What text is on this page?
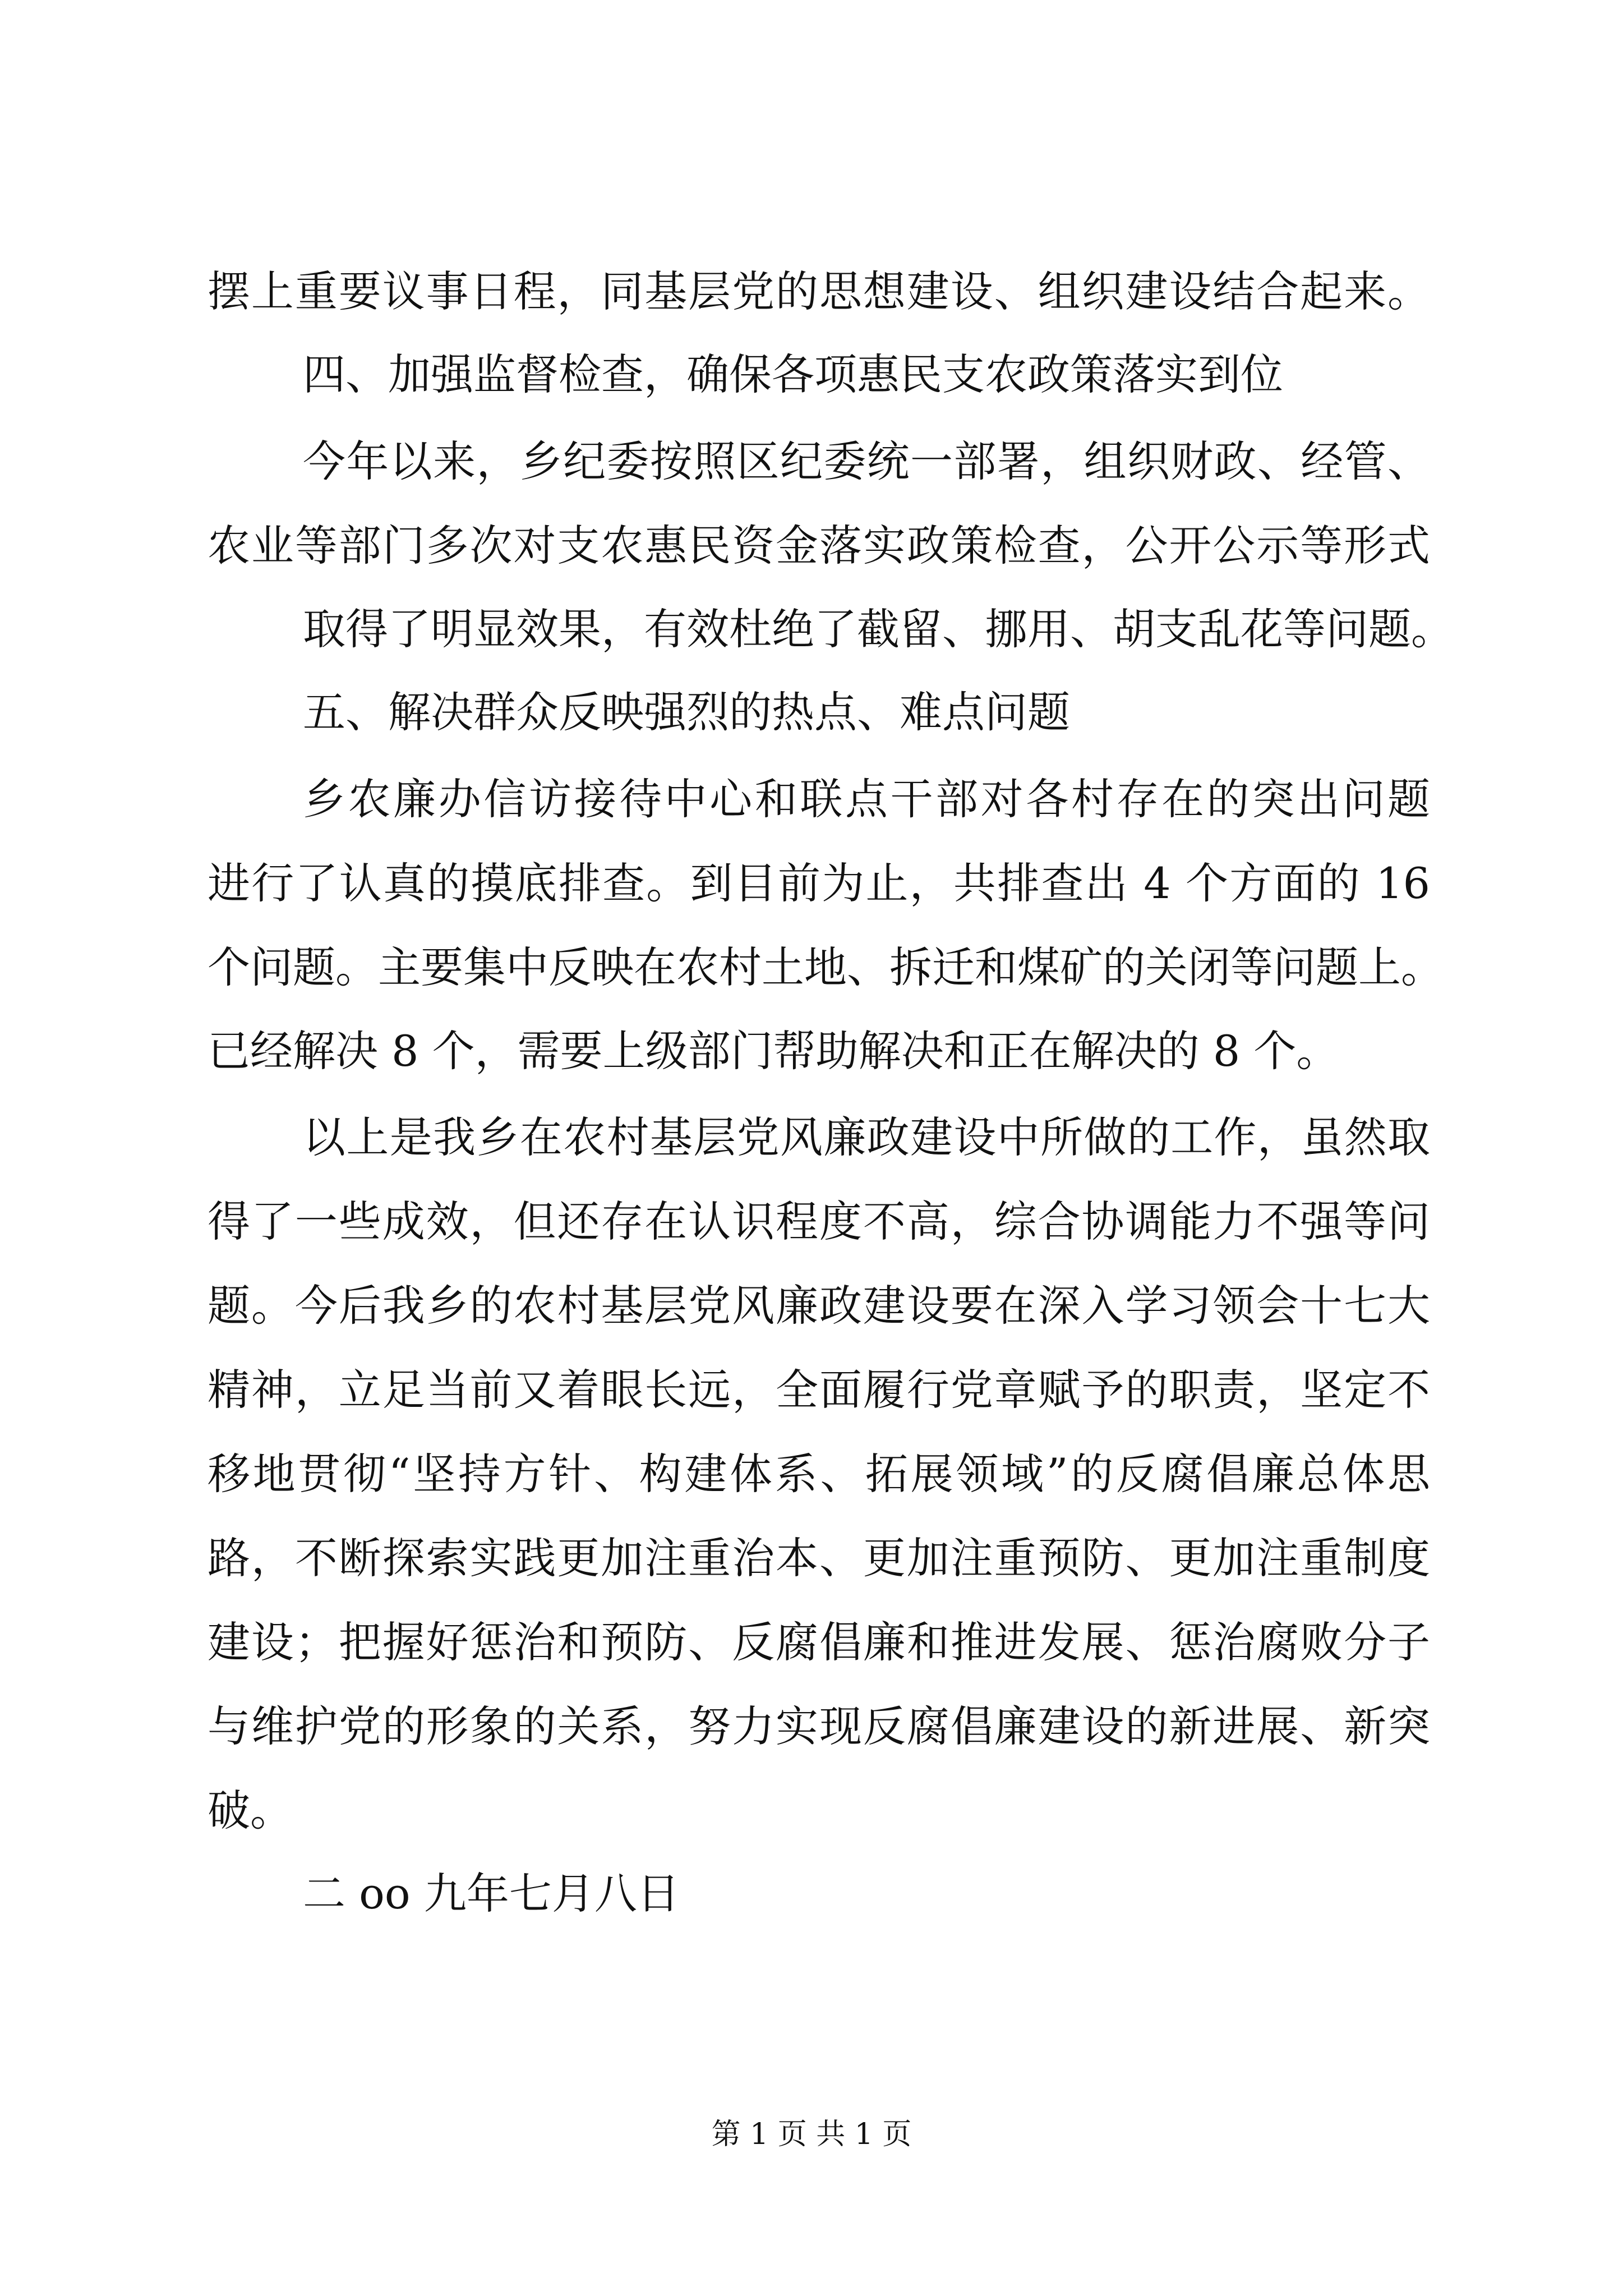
摆上重要议事日程，同基层党的思想建设、组织建设结合起来。
四、加强监督检查，确保各项惠民支农政策落实到位
今年以来，乡纪委按照区纪委统一部署，组织财政、经管、
农业等部门多次对支农惠民资金落实政策检查，公开公示等形式
取得了明显效果，有效杜绝了截留、挪用、胡支乱花等问题。
五、解决群众反映强烈的热点、难点问题
乡农廉办信访接待中心和联点干部对各村存在的突出问题
进行了认真的摸底排查。到目前为止，共排查出 4 个方面的 16
个问题。主要集中反映在农村土地、拆迁和煤矿的关闭等问题上。
已经解决 8 个，需要上级部门帮助解决和正在解决的 8 个。
以上是我乡在农村基层党风廉政建设中所做的工作，虽然取
得了一些成效，但还存在认识程度不高，综合协调能力不强等问
题。今后我乡的农村基层党风廉政建设要在深入学习领会十七大
精神，立足当前又着眼长远，全面履行党章赋予的职责，坚定不
移地贯彻“坚持方针、构建体系、拓展领域”的反腐倡廉总体思
路，不断探索实践更加注重治本、更加注重预防、更加注重制度
建设；把握好惩治和预防、反腐倡廉和推进发展、惩治腐败分子
与维护党的形象的关系，努力实现反腐倡廉建设的新进展、新突
破。
二 oo 九年七月八日
第 1 页 共 1 页
